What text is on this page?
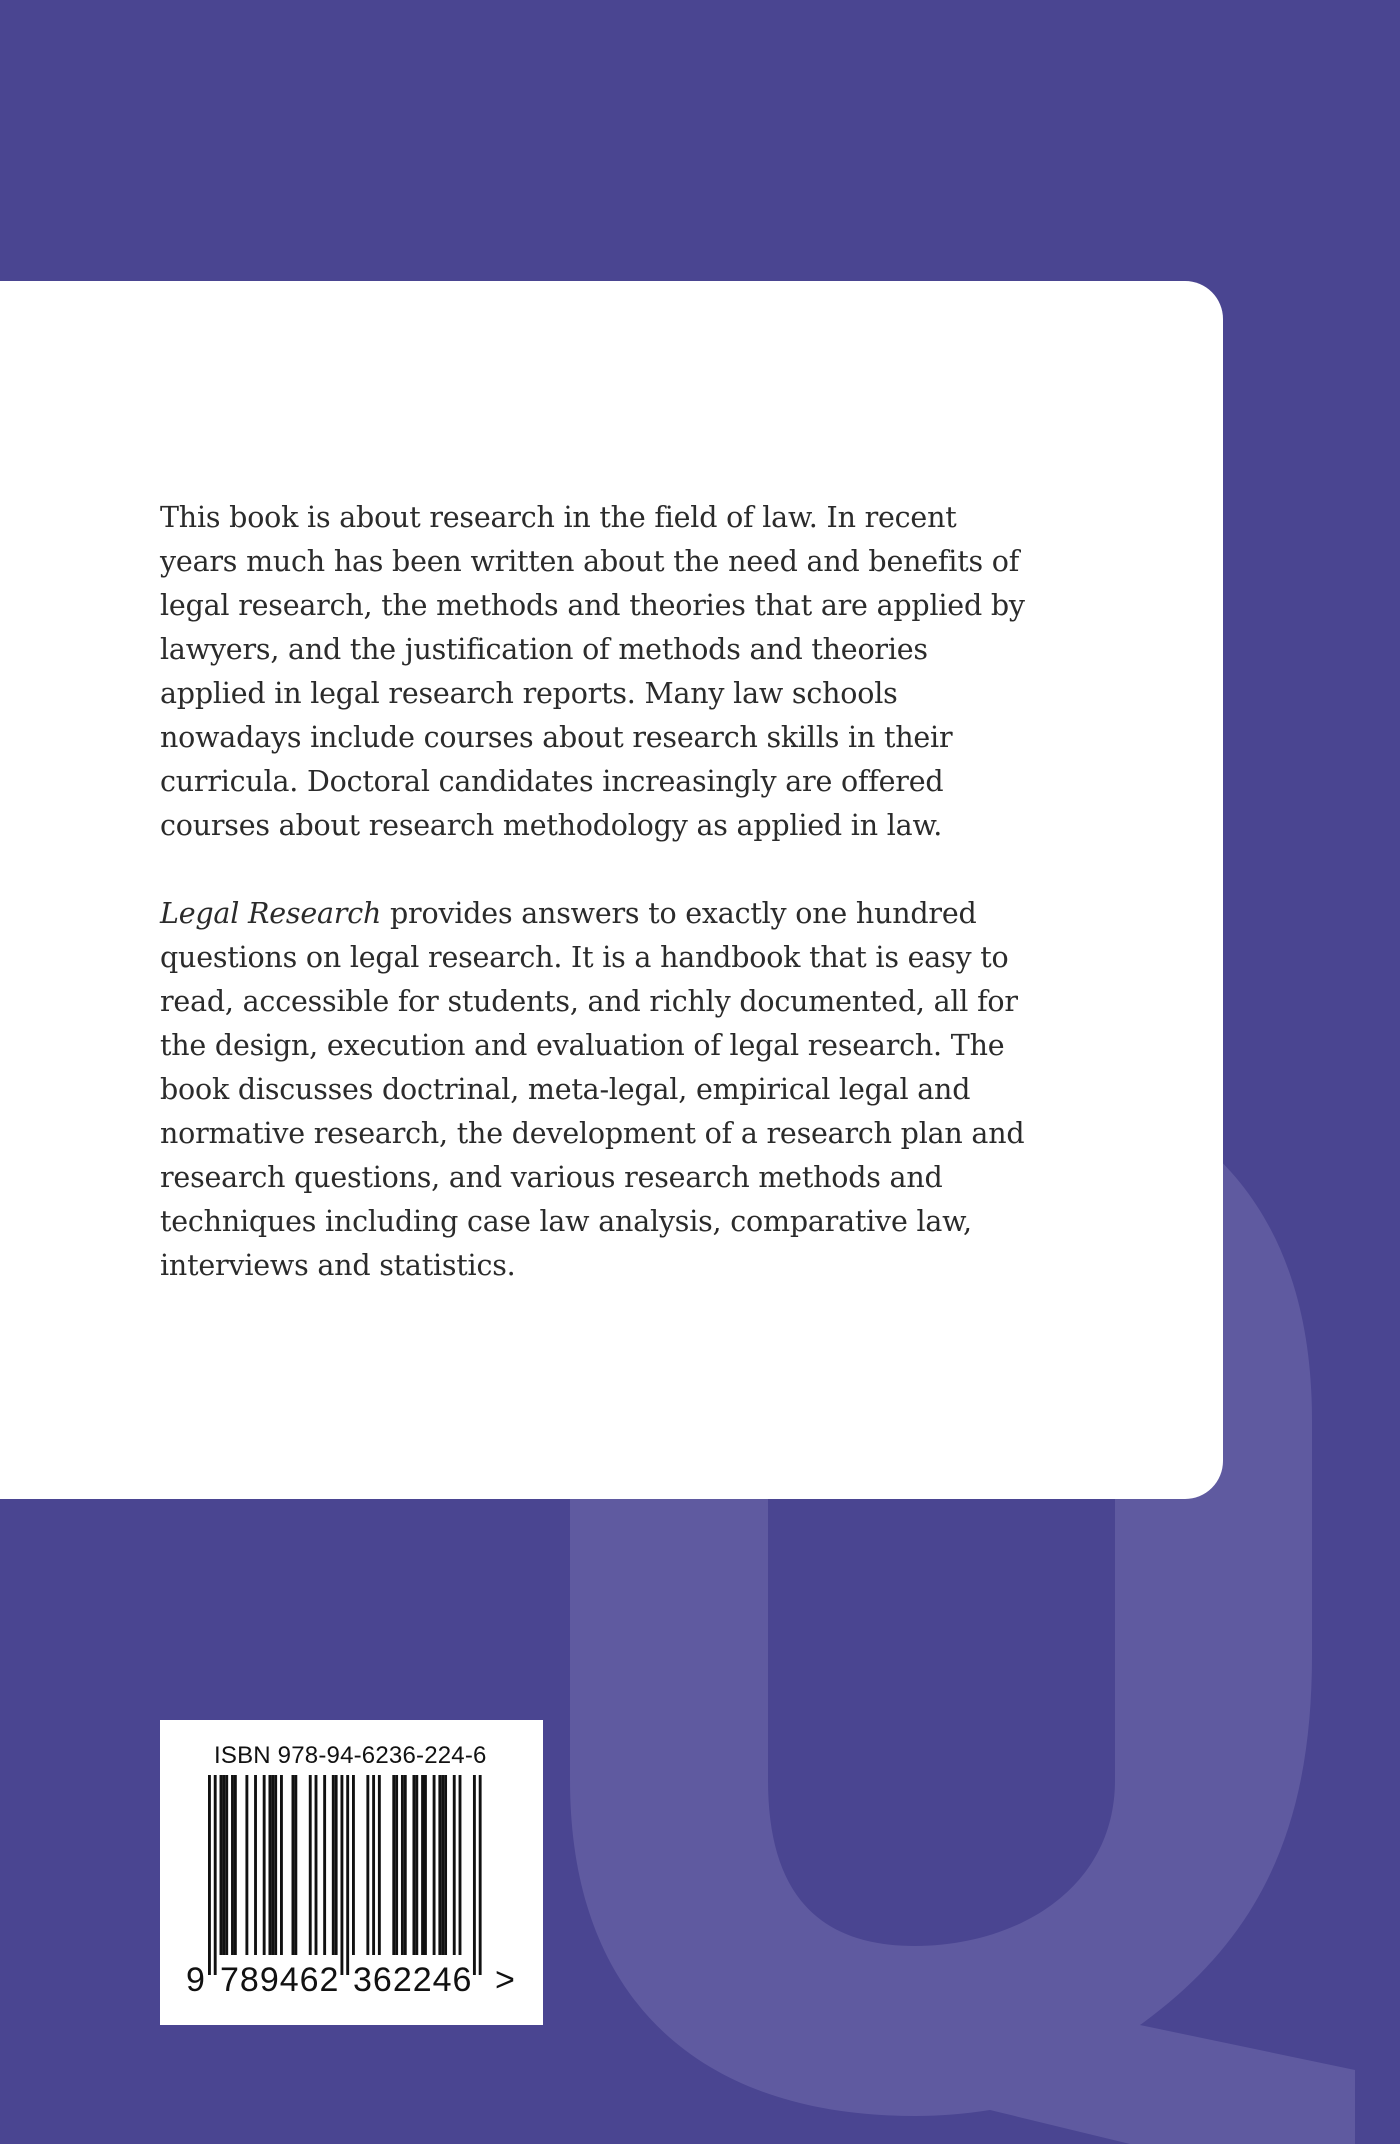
This book is about research in the field of law. In recent years much has been written about the need and benefits of legal research, the methods and theories that are applied by lawyers, and the justification of methods and theories applied in legal research reports. Many law schools nowadays include courses about research skills in their curricula. Doctoral candidates increasingly are offered courses about research methodology as applied in law.

Legal Research provides answers to exactly one hundred questions on legal research. It is a handbook that is easy to read, accessible for students, and richly documented, all for the design, execution and evaluation of legal research. The book discusses doctrinal, meta-legal, empirical legal and normative research, the development of a research plan and research questions, and various research methods and techniques including case law analysis, comparative law, interviews and statistics.

ISBN 978-94-6236-224-6
9 789462 362246 >
